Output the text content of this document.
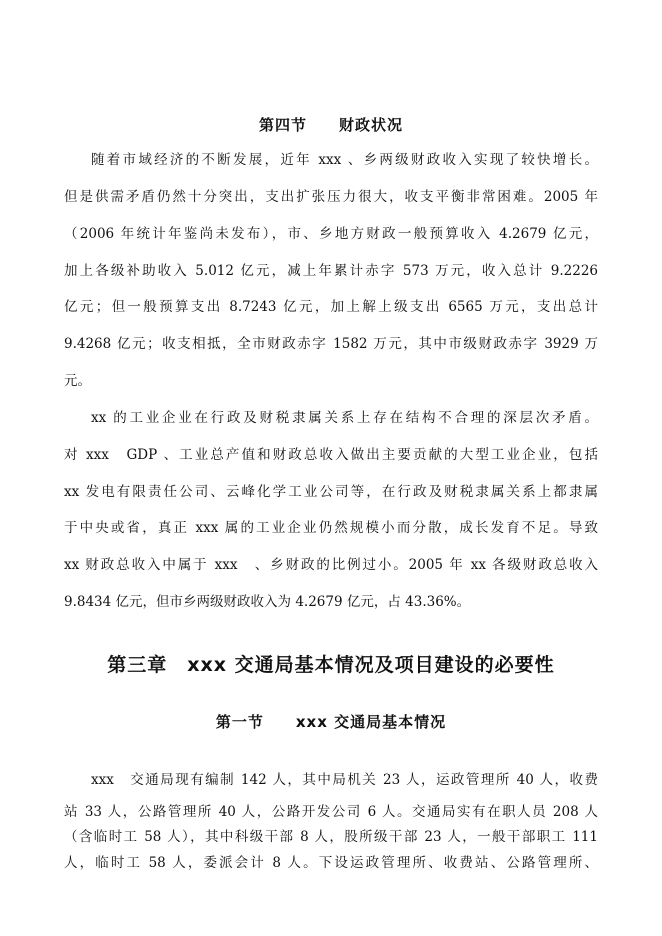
第四节　　财政状况
随着市域经济的不断发展，近年 xxx 、乡两级财政收入实现了较快增长。
但是供需矛盾仍然十分突出，支出扩张压力很大，收支平衡非常困难。2005 年
（2006 年统计年鉴尚未发布），市、乡地方财政一般预算收入 4.2679 亿元，
加上各级补助收入 5.012 亿元，减上年累计赤字 573 万元，收入总计 9.2226
亿元；但一般预算支出 8.7243 亿元，加上解上级支出 6565 万元，支出总计
9.4268 亿元；收支相抵，全市财政赤字 1582 万元，其中市级财政赤字 3929 万
元。
xx 的工业企业在行政及财税隶属关系上存在结构不合理的深层次矛盾。
对 xxx　GDP 、工业总产值和财政总收入做出主要贡献的大型工业企业，包括
xx 发电有限责任公司、云峰化学工业公司等，在行政及财税隶属关系上都隶属
于中央或省，真正 xxx 属的工业企业仍然规模小而分散，成长发育不足。导致
xx 财政总收入中属于 xxx　、乡财政的比例过小。2005 年 xx 各级财政总收入
9.8434 亿元，但市乡两级财政收入为 4.2679 亿元，占 43.36%。
第三章　xxx 交通局基本情况及项目建设的必要性
第一节　　xxx 交通局基本情况
xxx　交通局现有编制 142 人，其中局机关 23 人，运政管理所 40 人，收费
站 33 人，公路管理所 40 人，公路开发公司 6 人。交通局实有在职人员 208 人
（含临时工 58 人），其中科级干部 8 人，股所级干部 23 人，一般干部职工 111
人，临时工 58 人，委派会计 8 人。下设运政管理所、收费站、公路管理所、
